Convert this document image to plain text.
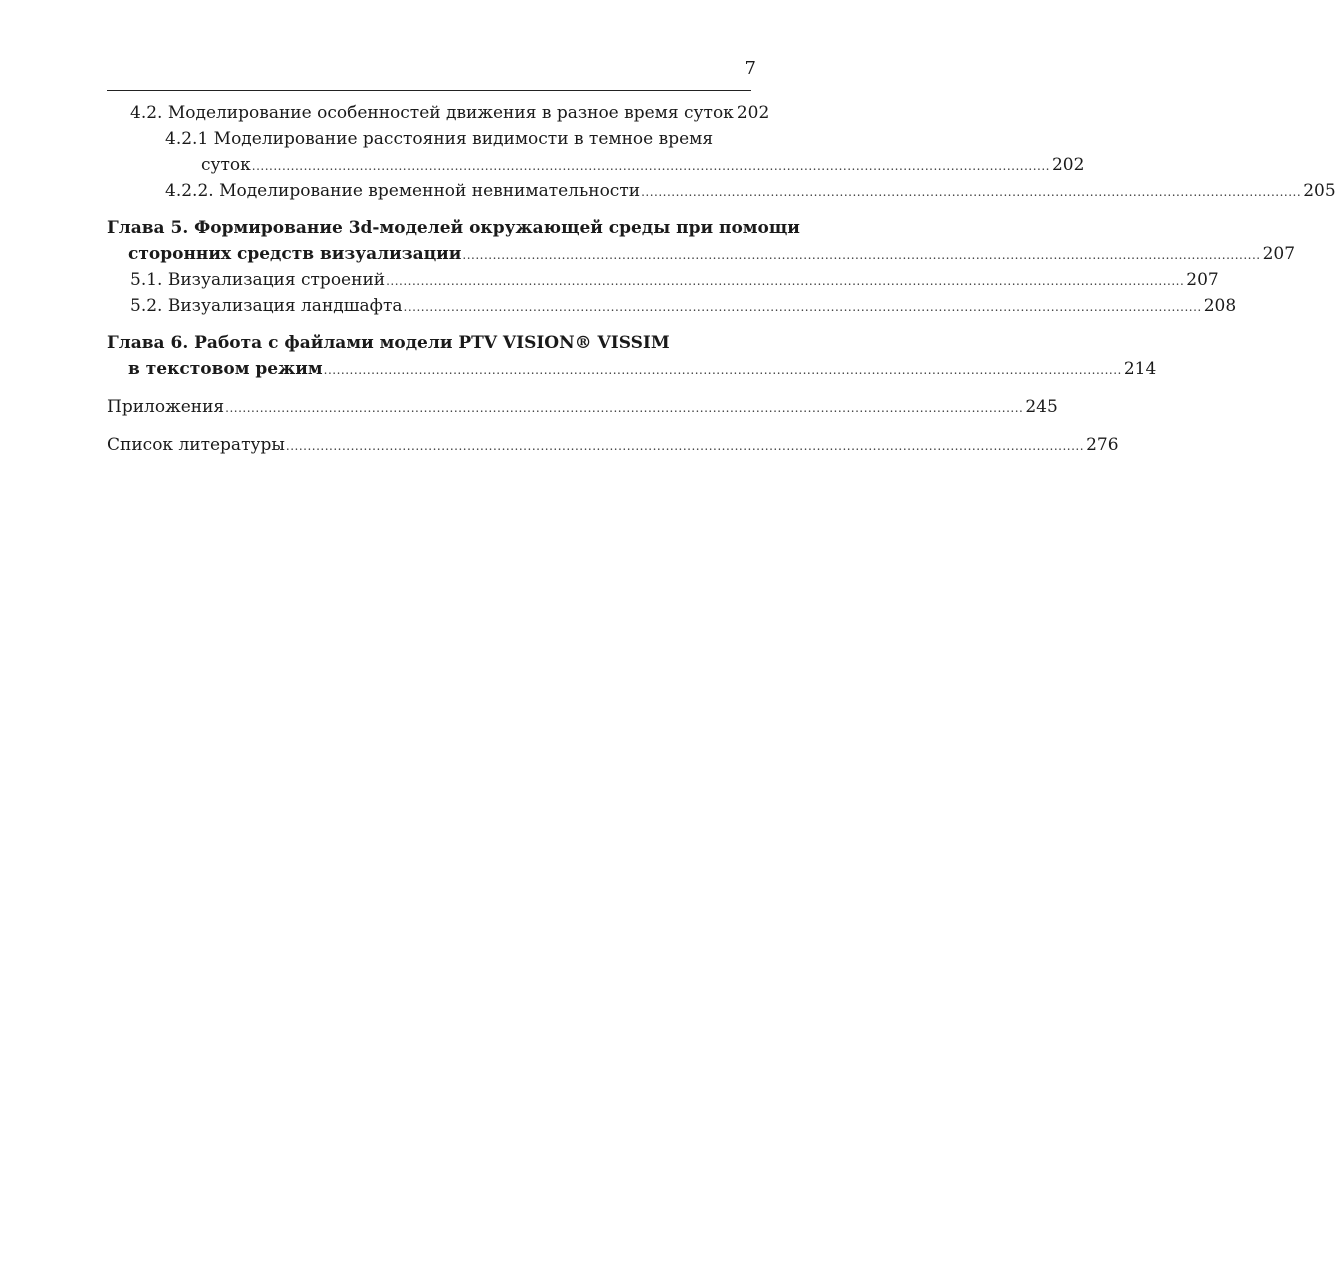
7
4.2. Моделирование особенностей движения в разное время суток 202
4.2.1 Моделирование расстояния видимости в темное время
суток ......................................................................................................................................................................................... 202
4.2.2. Моделирование временной невнимательности ......................................................................................................................................................... 205
Глава 5. Формирование 3d-моделей окружающей среды при помощи
сторонних средств визуализации ......................................................................................................................................................................................... 207
5.1. Визуализация строений ......................................................................................................................................................................................... 207
5.2. Визуализация ландшафта ......................................................................................................................................................................................... 208
Глава 6. Работа с файлами модели PTV VISION® VISSIM
в текстовом режим ......................................................................................................................................................................................... 214
Приложения ......................................................................................................................................................................................... 245
Список литературы ......................................................................................................................................................................................... 276
